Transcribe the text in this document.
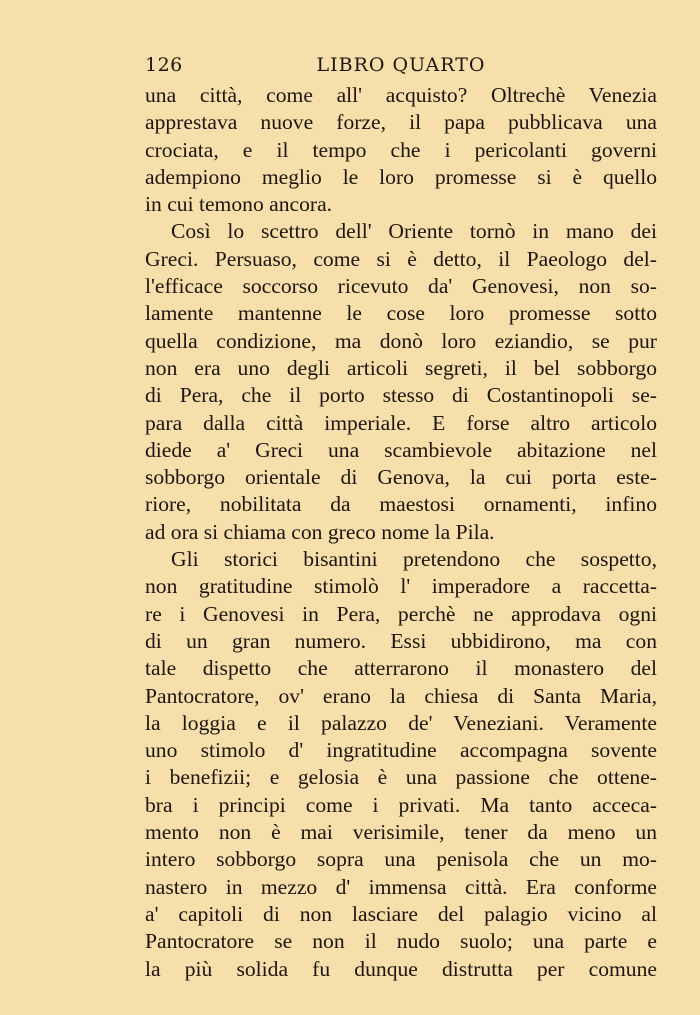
126	LIBRO QUARTO
una città, come all' acquisto? Oltrechè Venezia
apprestava nuove forze, il papa pubblicava una
crociata, e il tempo che i pericolanti governi
adempiono meglio le loro promesse si è quello
in cui temono ancora.
Così lo scettro dell' Oriente tornò in mano dei
Greci. Persuaso, come si è detto, il Paeologo del-
l'efficace soccorso ricevuto da' Genovesi, non so-
lamente mantenne le cose loro promesse sotto
quella condizione, ma donò loro eziandio, se pur
non era uno degli articoli segreti, il bel sobborgo
di Pera, che il porto stesso di Costantinopoli se-
para dalla città imperiale. E forse altro articolo
diede a' Greci una scambievole abitazione nel
sobborgo orientale di Genova, la cui porta este-
riore, nobilitata da maestosi ornamenti, infino
ad ora si chiama con greco nome la Pila.
Gli storici bisantini pretendono che sospetto,
non gratitudine stimolò l' imperadore a raccetta-
re i Genovesi in Pera, perchè ne approdava ogni
di un gran numero. Essi ubbidirono, ma con
tale dispetto che atterrarono il monastero del
Pantocratore, ov' erano la chiesa di Santa Maria,
la loggia e il palazzo de' Veneziani. Veramente
uno stimolo d' ingratitudine accompagna sovente
i benefizii; e gelosia è una passione che ottene-
bra i principi come i privati. Ma tanto acceca-
mento non è mai verisimile, tener da meno un
intero sobborgo sopra una penisola che un mo-
nastero in mezzo d' immensa città. Era conforme
a' capitoli di non lasciare del palagio vicino al
Pantocratore se non il nudo suolo; una parte e
la più solida fu dunque distrutta per comune
